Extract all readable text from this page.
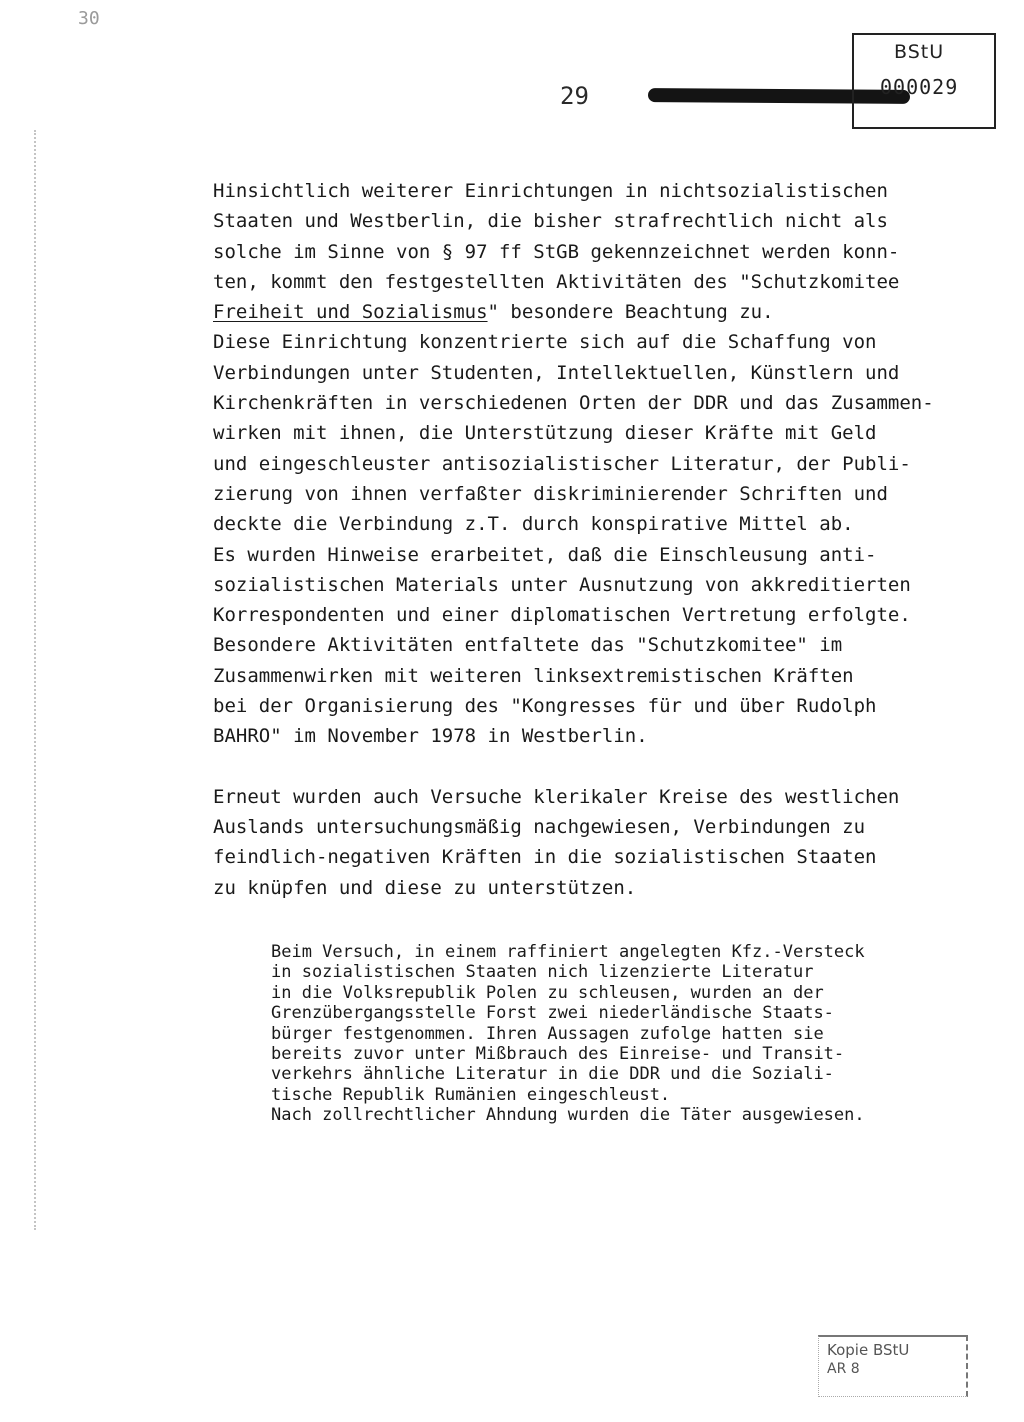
30
29
BStU
000029
Hinsichtlich weiterer Einrichtungen in nichtsozialistischen
Staaten und Westberlin, die bisher strafrechtlich nicht als
solche im Sinne von § 97 ff StGB gekennzeichnet werden konn-
ten, kommt den festgestellten Aktivitäten des "Schutzkomitee
Freiheit und Sozialismus" besondere Beachtung zu.
Diese Einrichtung konzentrierte sich auf die Schaffung von
Verbindungen unter Studenten, Intellektuellen, Künstlern und
Kirchenkräften in verschiedenen Orten der DDR und das Zusammen-
wirken mit ihnen, die Unterstützung dieser Kräfte mit Geld
und eingeschleuster antisozialistischer Literatur, der Publi-
zierung von ihnen verfaßter diskriminierender Schriften und
deckte die Verbindung z.T. durch konspirative Mittel ab.
Es wurden Hinweise erarbeitet, daß die Einschleusung anti-
sozialistischen Materials unter Ausnutzung von akkreditierten
Korrespondenten und einer diplomatischen Vertretung erfolgte.
Besondere Aktivitäten entfaltete das "Schutzkomitee" im
Zusammenwirken mit weiteren linksextremistischen Kräften
bei der Organisierung des "Kongresses für und über Rudolph
BAHRO" im November 1978 in Westberlin.
Erneut wurden auch Versuche klerikaler Kreise des westlichen
Auslands untersuchungsmäßig nachgewiesen, Verbindungen zu
feindlich-negativen Kräften in die sozialistischen Staaten
zu knüpfen und diese zu unterstützen.
Beim Versuch, in einem raffiniert angelegten Kfz.-Versteck
in sozialistischen Staaten nich lizenzierte Literatur
in die Volksrepublik Polen zu schleusen, wurden an der
Grenzübergangsstelle Forst zwei niederländische Staats-
bürger festgenommen. Ihren Aussagen zufolge hatten sie
bereits zuvor unter Mißbrauch des Einreise- und Transit-
verkehrs ähnliche Literatur in die DDR und die Soziali-
tische Republik Rumänien eingeschleust.
Nach zollrechtlicher Ahndung wurden die Täter ausgewiesen.
Kopie BStU
AR 8
